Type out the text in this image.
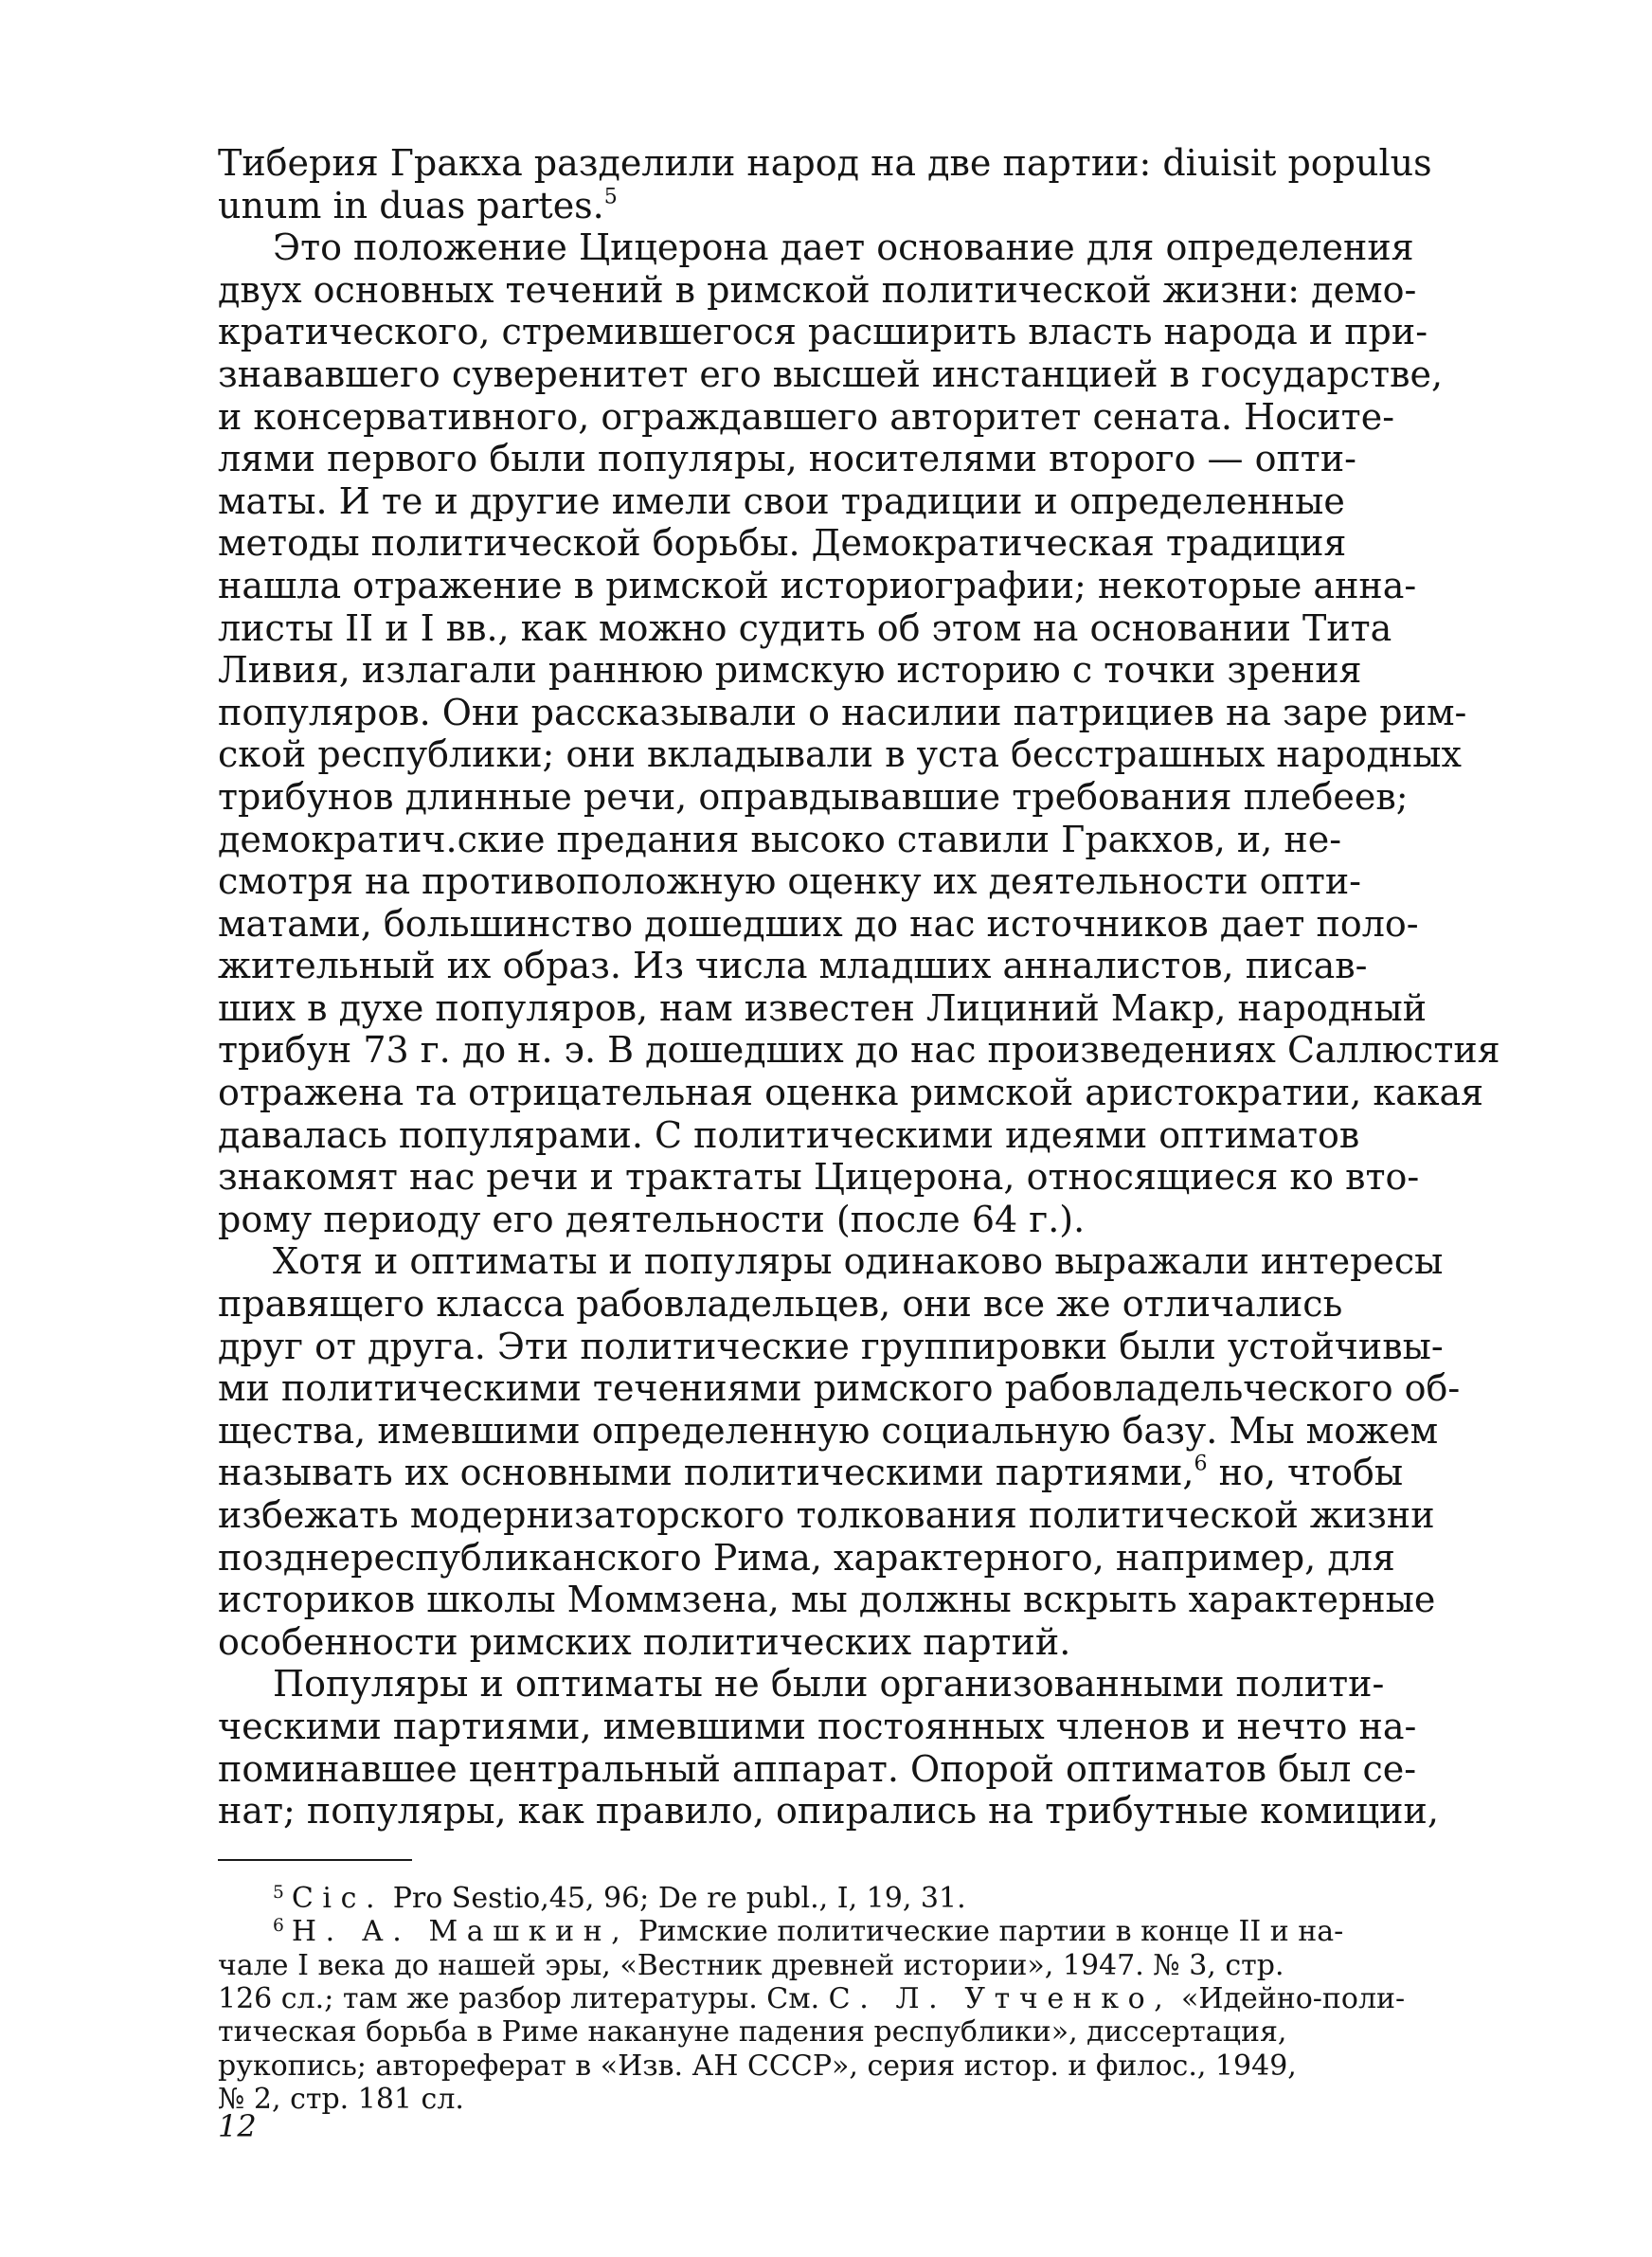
Тиберия Гракха разделили народ на две партии: diuisit populus
unum in duas partes.$^5$
Это положение Цицерона дает основание для определения
двух основных течений в римской политической жизни: демо-
кратического, стремившегося расширить власть народа и при-
знававшего суверенитет его высшей инстанцией в государстве,
и консервативного, ограждавшего авторитет сената. Носите-
лями первого были популяры, носителями второго — опти-
маты. И те и другие имели свои традиции и определенные
методы политической борьбы. Демократическая традиция
нашла отражение в римской историографии; некоторые анна-
листы II и I вв., как можно судить об этом на основании Тита
Ливия, излагали раннюю римскую историю с точки зрения
популяров. Они рассказывали о насилии патрициев на заре рим-
ской республики; они вкладывали в уста бесстрашных народных
трибунов длинные речи, оправдывавшие требования плебеев;
демократич.ские предания высоко ставили Гракхов, и, не-
смотря на противоположную оценку их деятельности опти-
матами, большинство дошедших до нас источников дает поло-
жительный их образ. Из числа младших анналистов, писав-
ших в духе популяров, нам известен Лициний Макр, народный
трибун 73 г. до н. э. В дошедших до нас произведениях Саллюстия
отражена та отрицательная оценка римской аристократии, какая
давалась популярами. С политическими идеями оптиматов
знакомят нас речи и трактаты Цицерона, относящиеся ко вто-
рому периоду его деятельности (после 64 г.).
Хотя и оптиматы и популяры одинаково выражали интересы
правящего класса рабовладельцев, они все же отличались
друг от друга. Эти политические группировки были устойчивы-
ми политическими течениями римского рабовладельческого об-
щества, имевшими определенную социальную базу. Мы можем
называть их основными политическими партиями,$^6$ но, чтобы
избежать модернизаторского толкования политической жизни
позднереспубликанского Рима, характерного, например, для
историков школы Моммзена, мы должны вскрыть характерные
особенности римских политических партий.
Популяры и оптиматы не были организованными полити-
ческими партиями, имевшими постоянных членов и нечто на-
поминавшее центральный аппарат. Опорой оптиматов был се-
нат; популяры, как правило, опирались на трибутные комиции,
$^5$ Cic. Pro Sestio,45, 96; De re publ., I, 19, 31.
$^6$ Н. А. Машкин, Римские политические партии в конце II и на-
чале I века до нашей эры, «Вестник древней истории», 1947. № 3, стр.
126 сл.; там же разбор литературы. См. С. Л. Утченко, «Идейно-поли-
тическая борьба в Риме накануне падения республики», диссертация,
рукопись; автореферат в «Изв. АН СССР», серия истор. и филос., 1949,
№ 2, стр. 181 сл.
12
